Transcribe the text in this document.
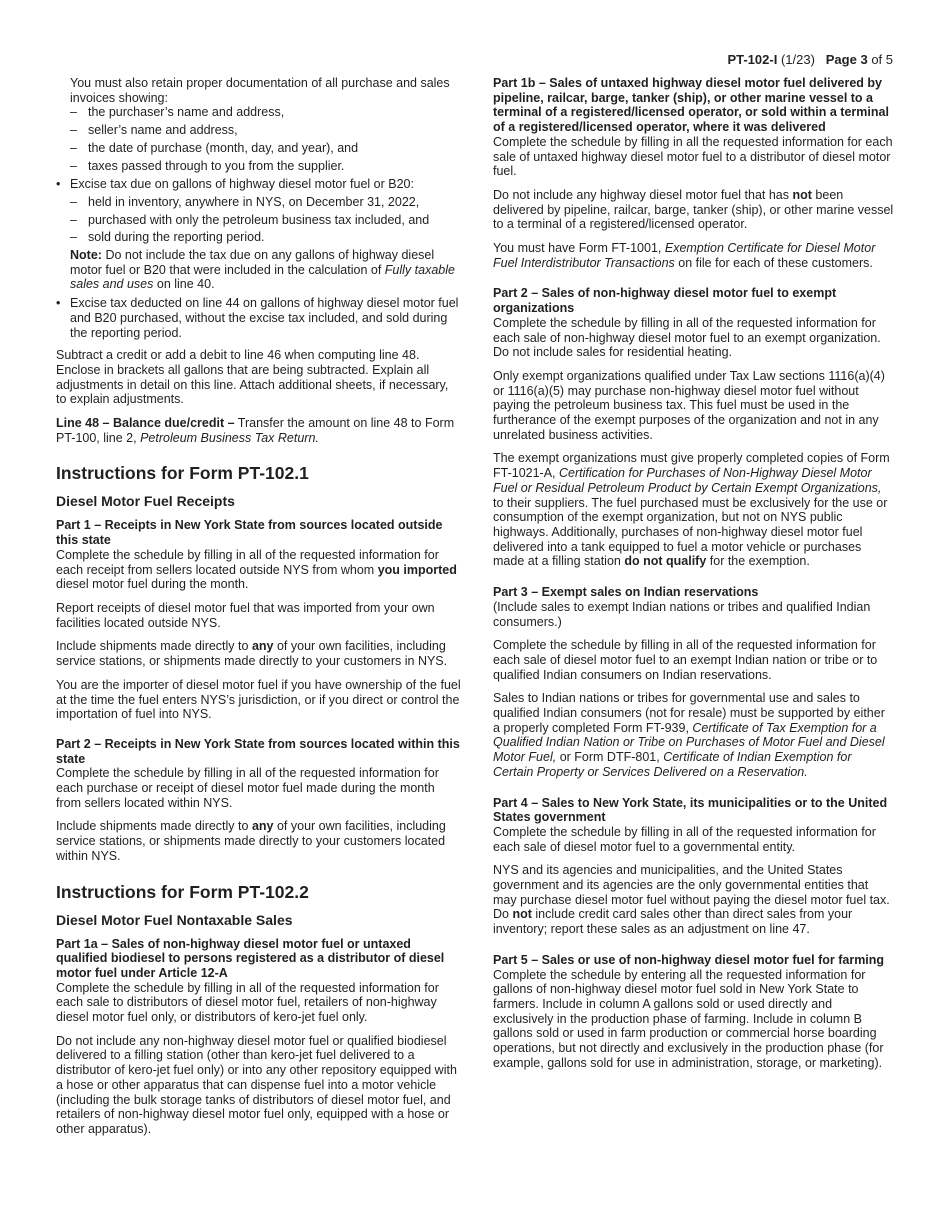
PT-102-I (1/23) Page 3 of 5

You must also retain proper documentation of all purchase and sales invoices showing:

– the purchaser’s name and address,
– seller’s name and address,
– the date of purchase (month, day, and year), and
– taxes passed through to you from the supplier.
• Excise tax due on gallons of highway diesel motor fuel or B20:
– held in inventory, anywhere in NYS, on December 31, 2022,
– purchased with only the petroleum business tax included, and
– sold during the reporting period.
Note: Do not include the tax due on any gallons of highway diesel motor fuel or B20 that were included in the calculation of Fully taxable sales and uses on line 40.
• Excise tax deducted on line 44 on gallons of highway diesel motor fuel and B20 purchased, without the excise tax included, and sold during the reporting period.

Subtract a credit or add a debit to line 46 when computing line 48. Enclose in brackets all gallons that are being subtracted. Explain all adjustments in detail on this line. Attach additional sheets, if necessary, to explain adjustments.

Line 48 – Balance due/credit – Transfer the amount on line 48 to Form PT-100, line 2, Petroleum Business Tax Return.

Instructions for Form PT-102.1
Diesel Motor Fuel Receipts
Part 1 – Receipts in New York State from sources located outside this state

Complete the schedule by filling in all of the requested information for each receipt from sellers located outside NYS from whom you imported diesel motor fuel during the month.

Report receipts of diesel motor fuel that was imported from your own facilities located outside NYS.

Include shipments made directly to any of your own facilities, including service stations, or shipments made directly to your customers in NYS.

You are the importer of diesel motor fuel if you have ownership of the fuel at the time the fuel enters NYS’s jurisdiction, or if you direct or control the importation of fuel into NYS.

Part 2 – Receipts in New York State from sources located within this state

Complete the schedule by filling in all of the requested information for each purchase or receipt of diesel motor fuel made during the month from sellers located within NYS.

Include shipments made directly to any of your own facilities, including service stations, or shipments made directly to your customers located within NYS.

Instructions for Form PT-102.2
Diesel Motor Fuel Nontaxable Sales
Part 1a – Sales of non-highway diesel motor fuel or untaxed qualified biodiesel to persons registered as a distributor of diesel motor fuel under Article 12-A

Complete the schedule by filling in all of the requested information for each sale to distributors of diesel motor fuel, retailers of non-highway diesel motor fuel only, or distributors of kero-jet fuel only.

Do not include any non-highway diesel motor fuel or qualified biodiesel delivered to a filling station (other than kero-jet fuel delivered to a distributor of kero-jet fuel only) or into any other repository equipped with a hose or other apparatus that can dispense fuel into a motor vehicle (including the bulk storage tanks of distributors of diesel motor fuel, and retailers of non-highway diesel motor fuel only, equipped with a hose or other apparatus).

Part 1b – Sales of untaxed highway diesel motor fuel delivered by pipeline, railcar, barge, tanker (ship), or other marine vessel to a terminal of a registered/licensed operator, or sold within a terminal of a registered/licensed operator, where it was delivered

Complete the schedule by filling in all the requested information for each sale of untaxed highway diesel motor fuel to a distributor of diesel motor fuel.

Do not include any highway diesel motor fuel that has not been delivered by pipeline, railcar, barge, tanker (ship), or other marine vessel to a terminal of a registered/licensed operator.

You must have Form FT-1001, Exemption Certificate for Diesel Motor Fuel Interdistributor Transactions on file for each of these customers.

Part 2 – Sales of non-highway diesel motor fuel to exempt organizations

Complete the schedule by filling in all of the requested information for each sale of non-highway diesel motor fuel to an exempt organization. Do not include sales for residential heating.

Only exempt organizations qualified under Tax Law sections 1116(a)(4) or 1116(a)(5) may purchase non-highway diesel motor fuel without paying the petroleum business tax. This fuel must be used in the furtherance of the exempt purposes of the organization and not in any unrelated business activities.

The exempt organizations must give properly completed copies of Form FT-1021-A, Certification for Purchases of Non-Highway Diesel Motor Fuel or Residual Petroleum Product by Certain Exempt Organizations, to their suppliers. The fuel purchased must be exclusively for the use or consumption of the exempt organization, but not on NYS public highways. Additionally, purchases of non-highway diesel motor fuel delivered into a tank equipped to fuel a motor vehicle or purchases made at a filling station do not qualify for the exemption.

Part 3 – Exempt sales on Indian reservations

(Include sales to exempt Indian nations or tribes and qualified Indian consumers.)

Complete the schedule by filling in all of the requested information for each sale of diesel motor fuel to an exempt Indian nation or tribe or to qualified Indian consumers on Indian reservations.

Sales to Indian nations or tribes for governmental use and sales to qualified Indian consumers (not for resale) must be supported by either a properly completed Form FT-939, Certificate of Tax Exemption for a Qualified Indian Nation or Tribe on Purchases of Motor Fuel and Diesel Motor Fuel, or Form DTF-801, Certificate of Indian Exemption for Certain Property or Services Delivered on a Reservation.

Part 4 – Sales to New York State, its municipalities or to the United States government

Complete the schedule by filling in all of the requested information for each sale of diesel motor fuel to a governmental entity.

NYS and its agencies and municipalities, and the United States government and its agencies are the only governmental entities that may purchase diesel motor fuel without paying the diesel motor fuel tax. Do not include credit card sales other than direct sales from your inventory; report these sales as an adjustment on line 47.

Part 5 – Sales or use of non-highway diesel motor fuel for farming

Complete the schedule by entering all the requested information for gallons of non-highway diesel motor fuel sold in New York State to farmers. Include in column A gallons sold or used directly and exclusively in the production phase of farming. Include in column B gallons sold or used in farm production or commercial horse boarding operations, but not directly and exclusively in the production phase (for example, gallons sold for use in administration, storage, or marketing).
